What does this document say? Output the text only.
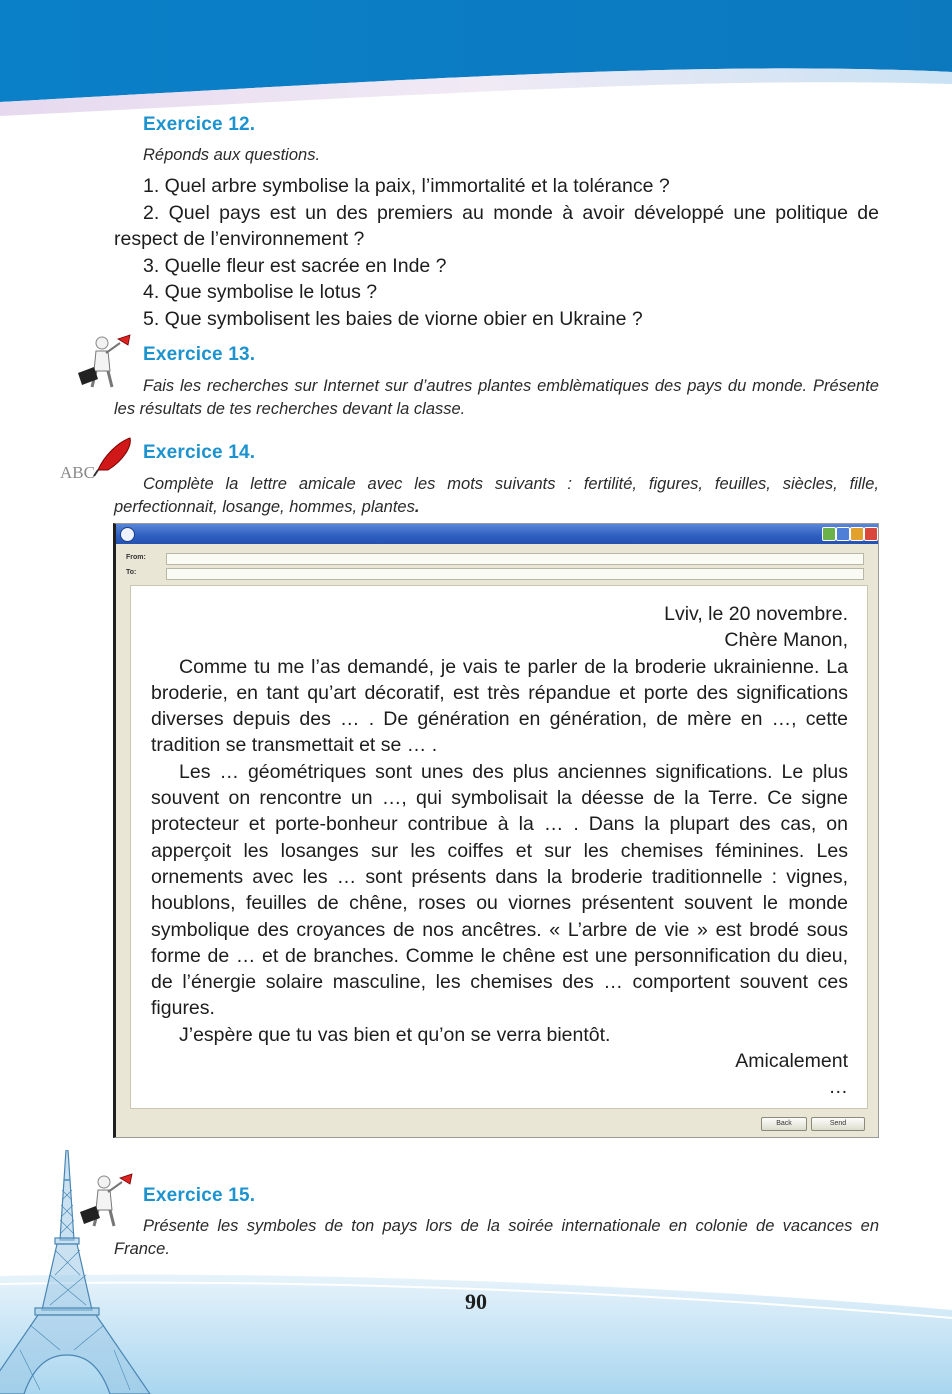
Exercice 12.
Réponds aux questions.
1. Quel arbre symbolise la paix, l’immortalité et la tolérance ?
2. Quel pays est un des premiers au monde à avoir développé une politique de respect de l’environnement ?
3. Quelle fleur est sacrée en Inde ?
4. Que symbolise le lotus ?
5. Que symbolisent les baies de viorne obier en Ukraine ?
Exercice 13.
Fais les recherches sur Internet sur d’autres plantes emblèmatiques des pays du monde. Présente les résultats de tes recherches devant la classe.
ABC
Exercice 14.
Complète la lettre amicale avec les mots suivants : fertilité, figures, feuilles, siècles, fille, perfectionnait, losange, hommes, plantes.
From:
To:
Lviv, le 20 novembre.
Chère Manon,
Comme tu me l’as demandé, je vais te parler de la broderie ukrainienne. La broderie, en tant qu’art décoratif, est très répandue et porte des significations diverses depuis des … . De génération en génération, de mère en …, cette tradition se transmettait et se … .
Les … géométriques sont unes des plus anciennes significations. Le plus souvent on rencontre un …, qui symbolisait la déesse de la Terre. Ce signe protecteur et porte-bonheur contribue à la … . Dans la plupart des cas, on apperçoit les losanges sur les coiffes et sur les chemises féminines. Les ornements avec les … sont présents dans la broderie traditionnelle : vignes, houblons, feuilles de chêne, roses ou viornes présentent souvent le monde symbolique des croyances de nos ancêtres. « L’arbre de vie » est brodé sous forme de … et de branches. Comme le chêne est une personnification du dieu, de l’énergie solaire masculine, les chemises des … comportent souvent ces figures.
J’espère que tu vas bien et qu’on se verra bientôt.
Amicalement
…
Back	Send
Exercice 15.
Présente les symboles de ton pays lors de la soirée internationale en colonie de vacances en France.
90
